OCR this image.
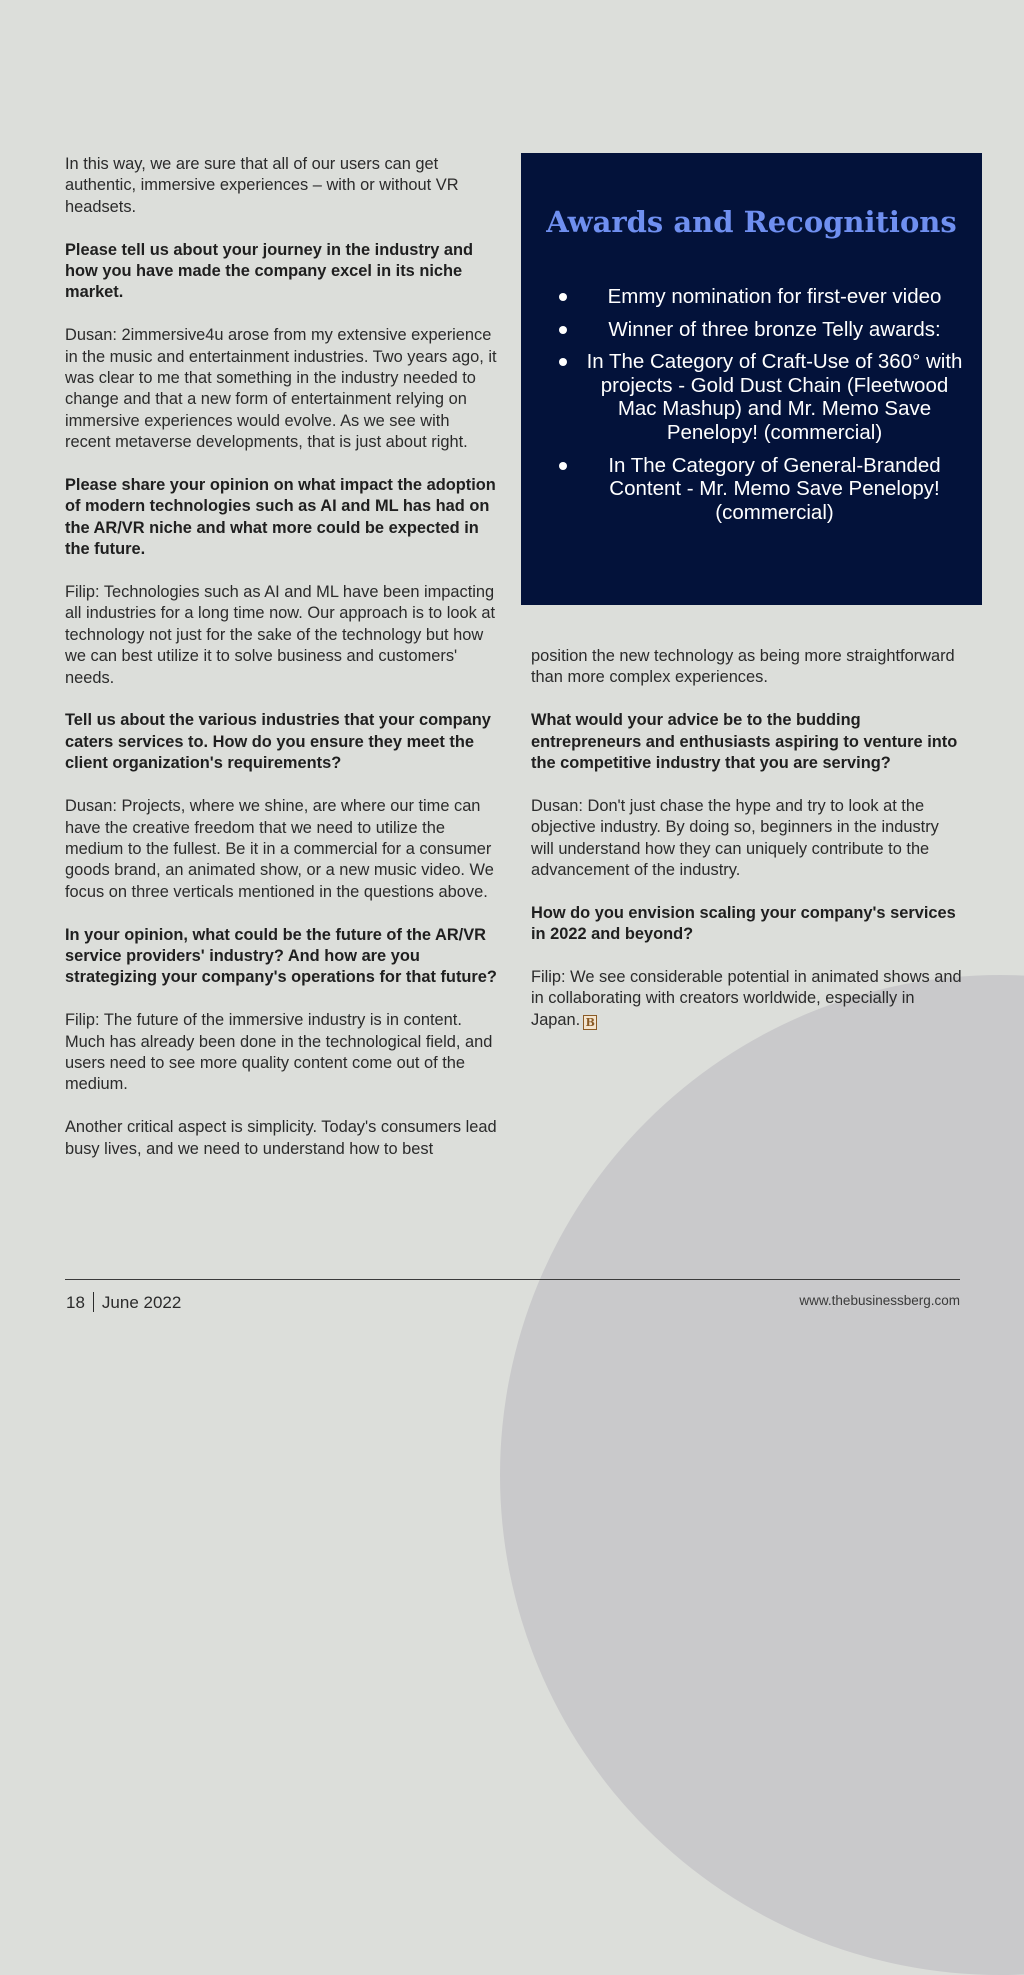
In this way, we are sure that all of our users can get authentic, immersive experiences – with or without VR headsets.

Please tell us about your journey in the industry and how you have made the company excel in its niche market.

Dusan: 2immersive4u arose from my extensive experience in the music and entertainment industries. Two years ago, it was clear to me that something in the industry needed to change and that a new form of entertainment relying on immersive experiences would evolve. As we see with recent metaverse developments, that is just about right.

Please share your opinion on what impact the adoption of modern technologies such as AI and ML has had on the AR/VR niche and what more could be expected in the future.

Filip: Technologies such as AI and ML have been impacting all industries for a long time now. Our approach is to look at technology not just for the sake of the technology but how we can best utilize it to solve business and customers' needs.

Tell us about the various industries that your company caters services to. How do you ensure they meet the client organization's requirements?

Dusan: Projects, where we shine, are where our time can have the creative freedom that we need to utilize the medium to the fullest. Be it in a commercial for a consumer goods brand, an animated show, or a new music video. We focus on three verticals mentioned in the questions above.

In your opinion, what could be the future of the AR/VR service providers' industry? And how are you strategizing your company's operations for that future?

Filip: The future of the immersive industry is in content. Much has already been done in the technological field, and users need to see more quality content come out of the medium.

Another critical aspect is simplicity. Today's consumers lead busy lives, and we need to understand how to best

Awards and Recognitions
Emmy nomination for first-ever video
Winner of three bronze Telly awards:
In The Category of Craft-Use of 360° with projects - Gold Dust Chain (Fleetwood Mac Mashup) and Mr. Memo Save Penelopy! (commercial)
In The Category of General-Branded Content - Mr. Memo Save Penelopy! (commercial)

position the new technology as being more straightforward than more complex experiences.

What would your advice be to the budding entrepreneurs and enthusiasts aspiring to venture into the competitive industry that you are serving?

Dusan: Don't just chase the hype and try to look at the objective industry. By doing so, beginners in the industry will understand how they can uniquely contribute to the advancement of the industry.

How do you envision scaling your company's services in 2022 and beyond?

Filip: We see considerable potential in animated shows and in collaborating with creators worldwide, especially in Japan. B

18 June 2022	www.thebusinessberg.com
